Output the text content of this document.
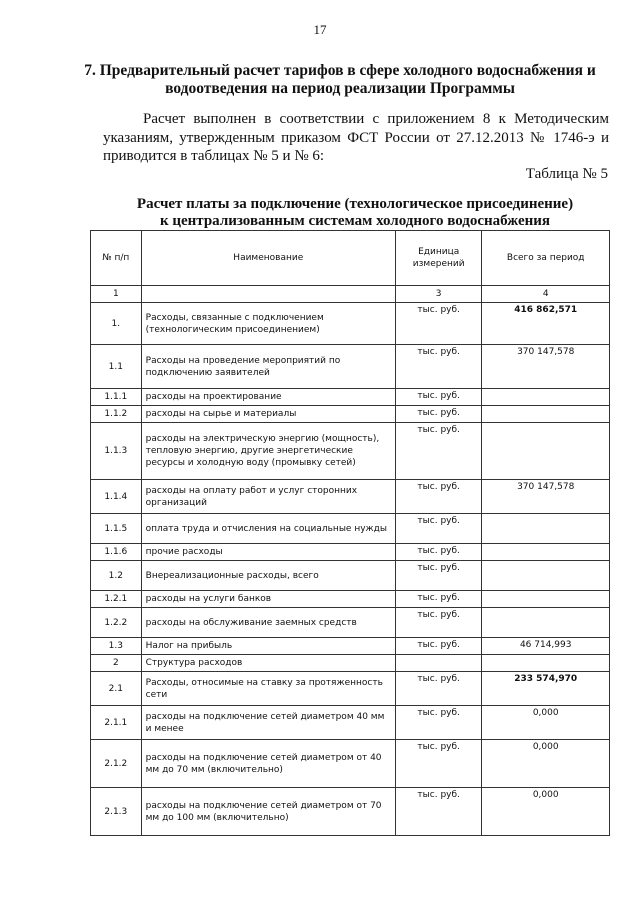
17
7. Предварительный расчет тарифов в сфере холодного водоснабжения и
водоотведения на период реализации Программы
Расчет выполнен в соответствии с приложением 8 к Методическим указаниям, утвержденным приказом ФСТ России от 27.12.2013 № 1746-э и приводится в таблицах № 5 и № 6:
Таблица № 5
Расчет платы за подключение (технологическое присоединение)
к централизованным системам холодного водоснабжения
№ п/п	Наименование	Единица измерений	Всего за период
1		3	4
1.	Расходы, связанные с подключением (технологическим присоединением)	тыс. руб.	416 862,571
1.1	Расходы на проведение мероприятий по подключению заявителей	тыс. руб.	370 147,578
1.1.1	расходы на проектирование	тыс. руб.	
1.1.2	расходы на сырье и материалы	тыс. руб.	
1.1.3	расходы на электрическую энергию (мощность), тепловую энергию, другие энергетические ресурсы и холодную воду (промывку сетей)	тыс. руб.	
1.1.4	расходы на оплату работ и услуг сторонних организаций	тыс. руб.	370 147,578
1.1.5	оплата труда и отчисления на социальные нужды	тыс. руб.	
1.1.6	прочие расходы	тыс. руб.	
1.2	Внереализационные расходы, всего	тыс. руб.	
1.2.1	расходы на услуги банков	тыс. руб.	
1.2.2	расходы на обслуживание заемных средств	тыс. руб.	
1.3	Налог на прибыль	тыс. руб.	46 714,993
2	Структура расходов		
2.1	Расходы, относимые на ставку за протяженность сети	тыс. руб.	233 574,970
2.1.1	расходы на подключение сетей диаметром 40 мм и менее	тыс. руб.	0,000
2.1.2	расходы на подключение сетей диаметром от 40 мм до 70 мм (включительно)	тыс. руб.	0,000
2.1.3	расходы на подключение сетей диаметром от 70 мм до 100 мм (включительно)	тыс. руб.	0,000
